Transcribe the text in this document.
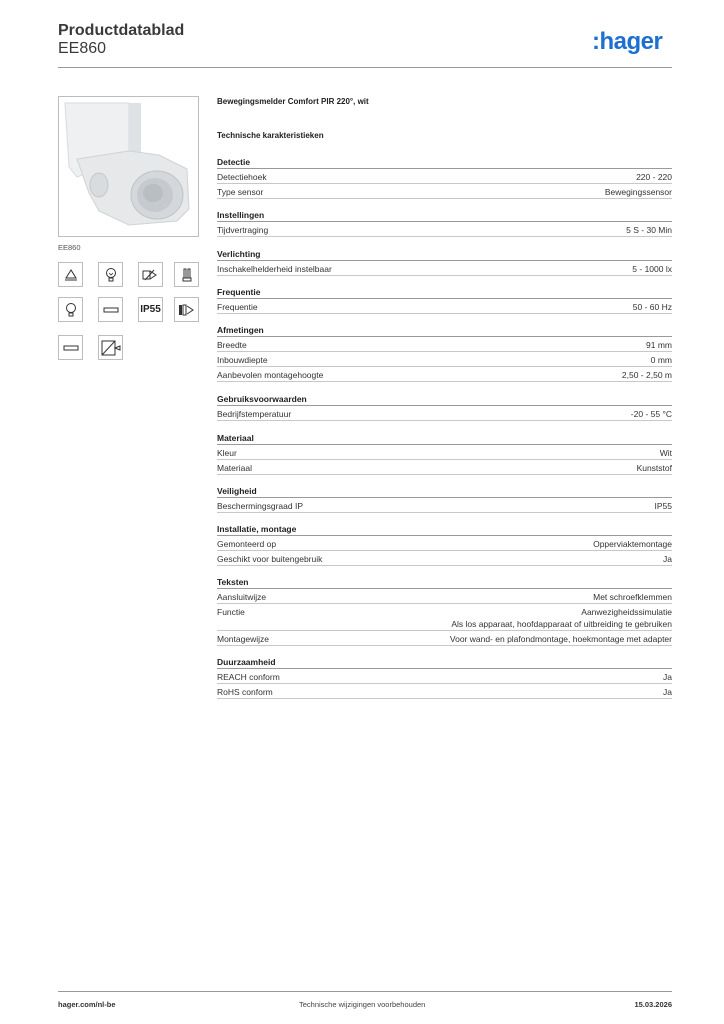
Productdatablad
EE860	:hager
EE860
IP55
Bewegingsmelder Comfort PIR 220°, wit
Technische karakteristieken
Detectie
Detectiehoek	220 - 220
Type sensor	Bewegingssensor
Instellingen
Tijdvertraging	5 S - 30 Min
Verlichting
Inschakelhelderheid instelbaar	5 - 1000 lx
Frequentie
Frequentie	50 - 60 Hz
Afmetingen
Breedte	91 mm
Inbouwdiepte	0 mm
Aanbevolen montagehoogte	2,50 - 2,50 m
Gebruiksvoorwaarden
Bedrijfstemperatuur	-20 - 55 °C
Materiaal
Kleur	Wit
Materiaal	Kunststof
Veiligheid
Beschermingsgraad IP	IP55
Installatie, montage
Gemonteerd op	Opperviaktemontage
Geschikt voor buitengebruik	Ja
Teksten
Aansluitwijze	Met schroefklemmen
Functie	Aanwezigheidssimulatie
Als los apparaat, hoofdapparaat of uitbreiding te gebruiken
Montagewijze	Voor wand- en plafondmontage, hoekmontage met adapter
Duurzaamheid
REACH conform	Ja
RoHS conform	Ja
hager.com/nl-be	Technische wijzigingen voorbehouden	15.03.2026
